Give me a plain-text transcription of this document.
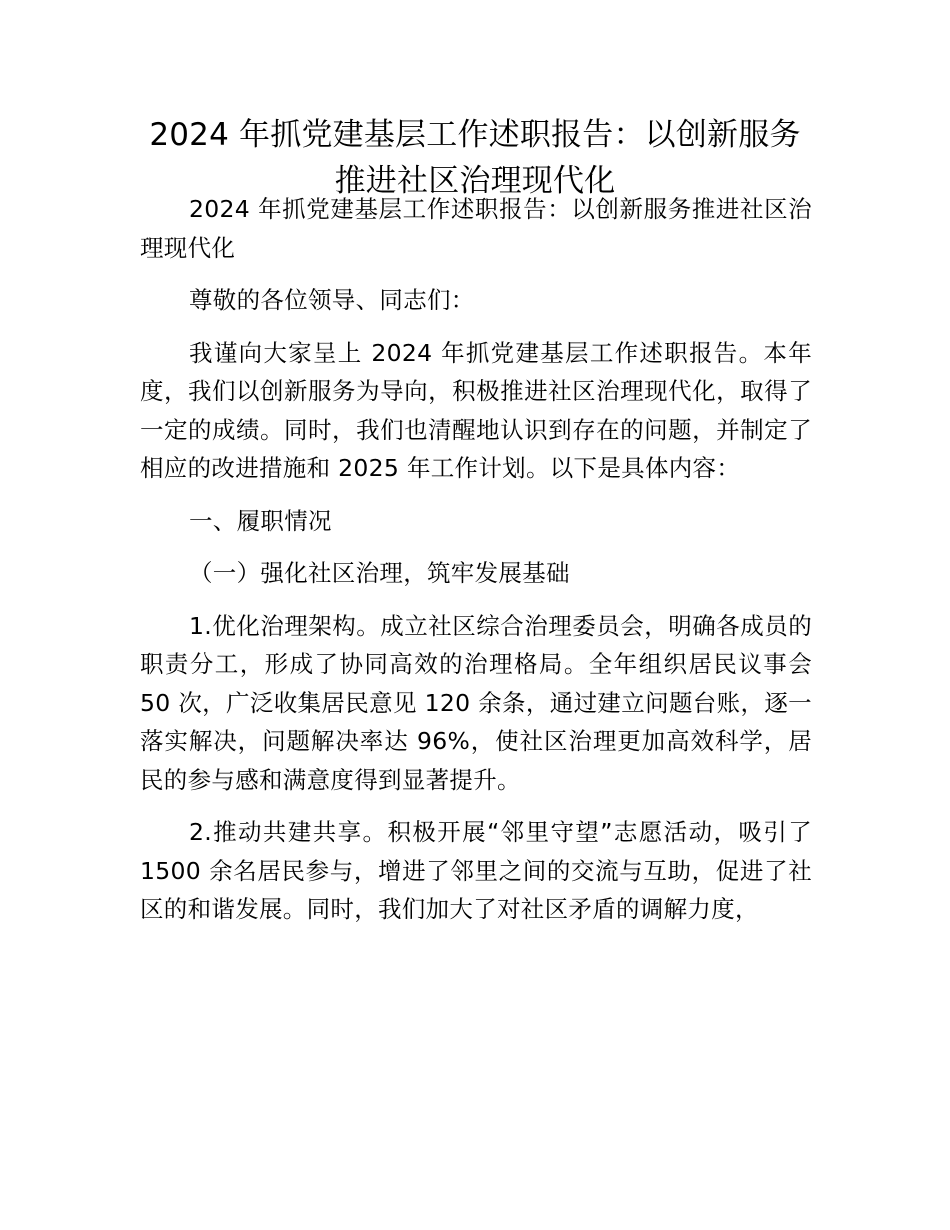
2024 年抓党建基层工作述职报告：以创新服务推进社区治理现代化

2024 年抓党建基层工作述职报告：以创新服务推进社区治理现代化

尊敬的各位领导、同志们：

我谨向大家呈上 2024 年抓党建基层工作述职报告。本年度，我们以创新服务为导向，积极推进社区治理现代化，取得了一定的成绩。同时，我们也清醒地认识到存在的问题，并制定了相应的改进措施和 2025 年工作计划。以下是具体内容：

一、履职情况

（一）强化社区治理，筑牢发展基础

1.优化治理架构。成立社区综合治理委员会，明确各成员的职责分工，形成了协同高效的治理格局。全年组织居民议事会 50 次，广泛收集居民意见 120 余条，通过建立问题台账，逐一落实解决，问题解决率达 96%，使社区治理更加高效科学，居民的参与感和满意度得到显著提升。

2.推动共建共享。积极开展“邻里守望”志愿活动，吸引了 1500 余名居民参与，增进了邻里之间的交流与互助，促进了社区的和谐发展。同时，我们加大了对社区矛盾的调解力度，
